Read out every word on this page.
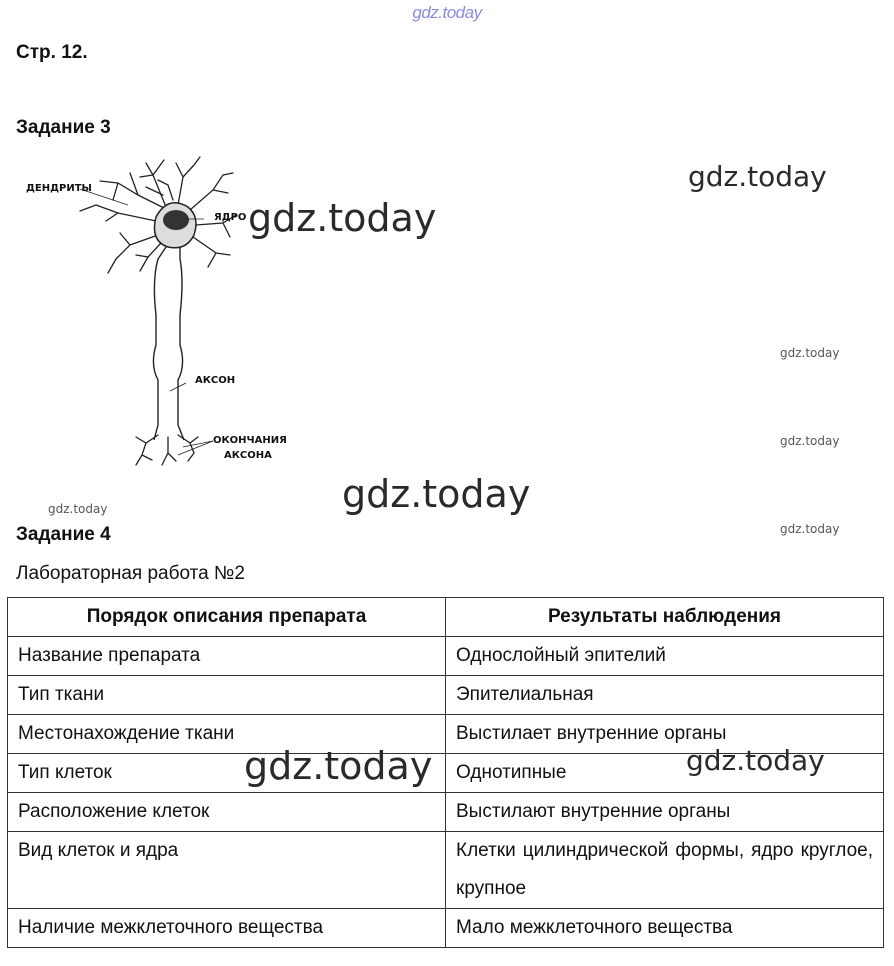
gdz.today
Стр. 12.
Задание 3
ДЕНДРИТЫ
ЯДРО
АКСОН
ОКОНЧАНИЯ
АКСОНА
gdz.today
gdz.today
gdz.today
gdz.today
gdz.today
gdz.today
gdz.today
Задание 4
Лабораторная работа №2
Порядок описания препарата	Результаты наблюдения
Название препарата	Однослойный эпителий
Тип ткани	Эпителиальная
Местонахождение ткани	Выстилает внутренние органы
Тип клеток	Однотипные
Расположение клеток	Выстилают внутренние органы
Вид клеток и ядра	Клетки цилиндрической формы, ядро круглое, крупное
Наличие межклеточного вещества	Мало межклеточного вещества
gdz.today	gdz.today
